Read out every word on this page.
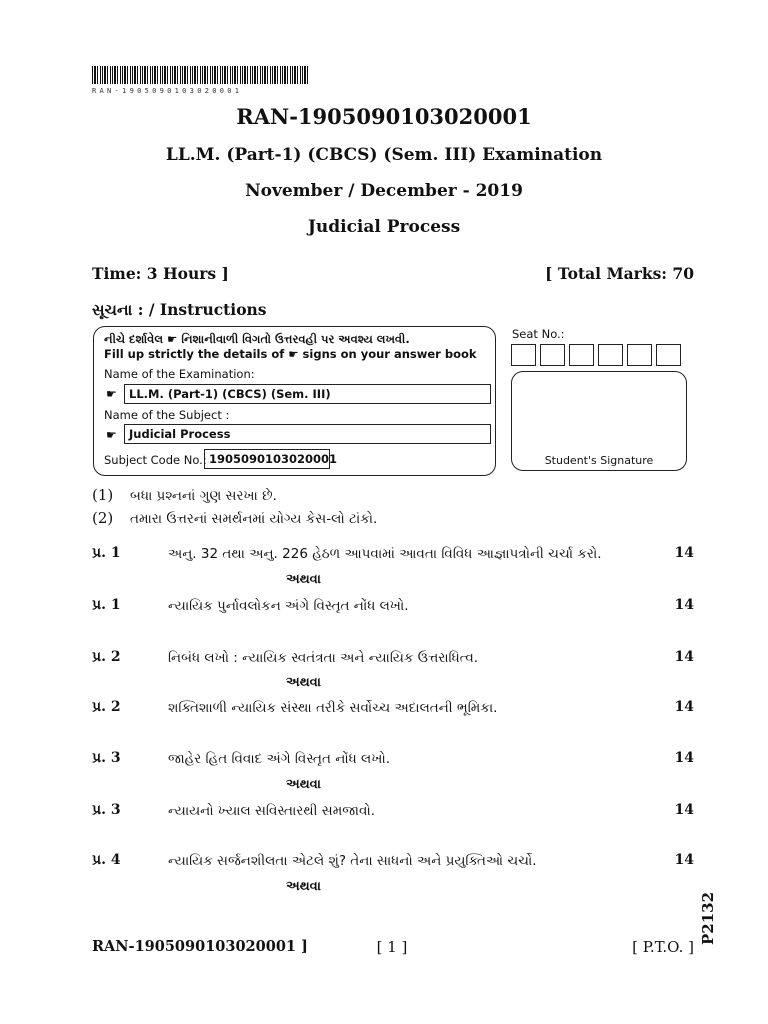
RAN-1905090103020001
RAN-1905090103020001
LL.M. (Part-1) (CBCS) (Sem. III) Examination
November / December - 2019
Judicial Process
Time: 3 Hours ]	[ Total Marks: 70
સૂચના : / Instructions
નીચે દર્શાવેલ ☛ નિશાનીવાળી વિગતો ઉત્તરવહી પર અવશ્ય લખવી.
Fill up strictly the details of ☛ signs on your answer book
Name of the Examination:
☛	LL.M. (Part-1) (CBCS) (Sem. III)
Name of the Subject :
☛	Judicial Process
Subject Code No.: 1905090103020001
Seat No.:
Student's Signature
(1) બધા પ્રશ્નનાં ગુણ સરખા છે.
(2) તમારા ઉત્તરનાં સમર્થનમાં યોગ્ય કેસ-લો ટાંકો.
પ્ર. 1	અનુ. 32 તથા અનુ. 226 હેઠળ આપવામાં આવતા વિવિધ આજ્ઞાપત્રોની ચર્ચા કરો.	14
અથવા
પ્ર. 1	ન્યાયિક પુર્નાવલોકન અંગે વિસ્તૃત નોંધ લખો.	14
પ્ર. 2	નિબંધ લખો : ન્યાયિક સ્વતંત્રતા અને ન્યાયિક ઉત્તરાધિત્વ.	14
અથવા
પ્ર. 2	શક્તિશાળી ન્યાયિક સંસ્થા તરીકે સર્વોચ્ચ અદાલતની ભૂમિકા.	14
પ્ર. 3	જાહેર હિત વિવાદ અંગે વિસ્તૃત નોંધ લખો.	14
અથવા
પ્ર. 3	ન્યાયનો ખ્યાલ સવિસ્તારથી સમજાવો.	14
પ્ર. 4	ન્યાયિક સર્જનશીલતા એટલે શું? તેના સાધનો અને પ્રયુક્તિઓ ચર્ચો.	14
અથવા
RAN-1905090103020001 ]	[ 1 ]	[ P.T.O. ]
P2132
